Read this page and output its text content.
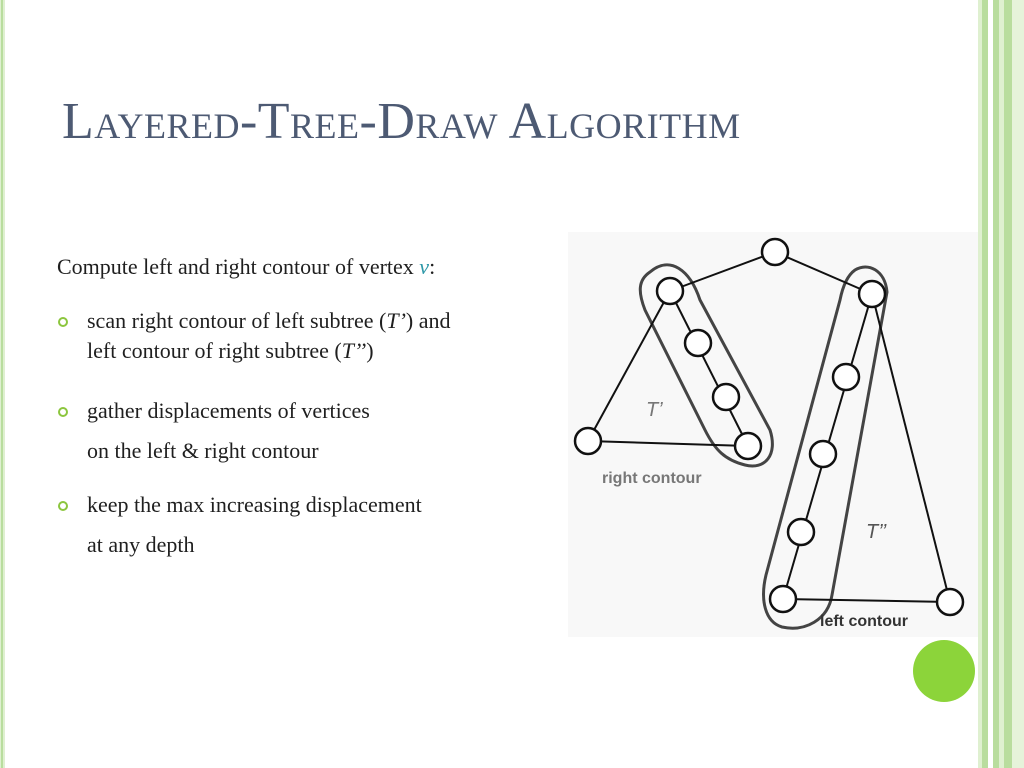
Layered-Tree-Draw Algorithm

Compute left and right contour of vertex v:

scan right contour of left subtree (T’) and
left contour of right subtree (T’’)

gather displacements of vertices

on the left & right contour

keep the max increasing displacement

at any depth

T’
T’’
right contour
left contour
